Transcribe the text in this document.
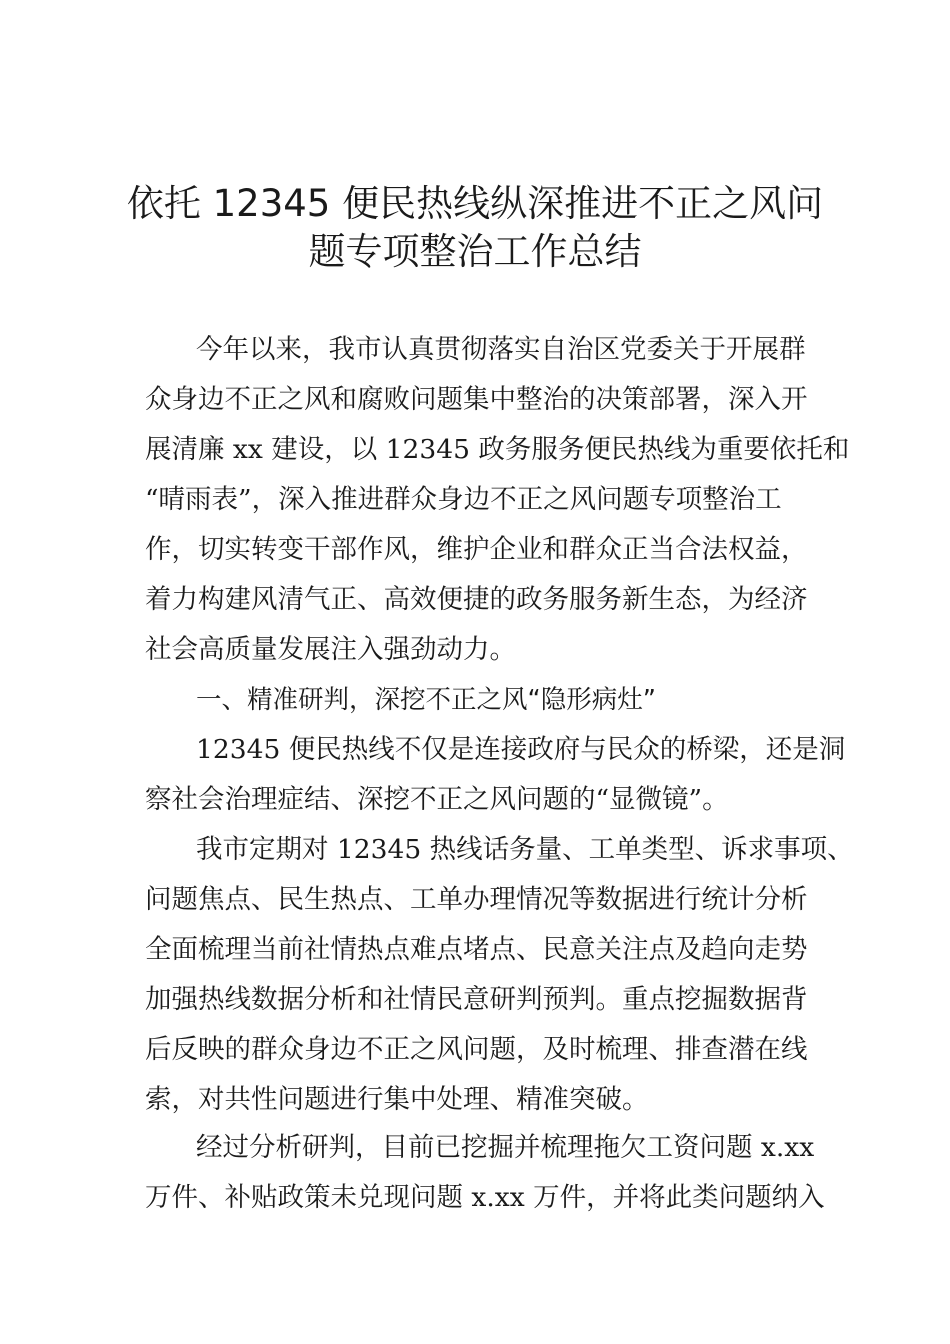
依托 12345 便民热线纵深推进不正之风问
题专项整治工作总结
今年以来，我市认真贯彻落实自治区党委关于开展群
众身边不正之风和腐败问题集中整治的决策部署，深入开
展清廉 xx 建设，以 12345 政务服务便民热线为重要依托和
“晴雨表”，深入推进群众身边不正之风问题专项整治工
作，切实转变干部作风，维护企业和群众正当合法权益，
着力构建风清气正、高效便捷的政务服务新生态，为经济
社会高质量发展注入强劲动力。
一、精准研判，深挖不正之风“隐形病灶”
12345 便民热线不仅是连接政府与民众的桥梁，还是洞
察社会治理症结、深挖不正之风问题的“显微镜”。
我市定期对 12345 热线话务量、工单类型、诉求事项、
问题焦点、民生热点、工单办理情况等数据进行统计分析
全面梳理当前社情热点难点堵点、民意关注点及趋向走势
加强热线数据分析和社情民意研判预判。重点挖掘数据背
后反映的群众身边不正之风问题，及时梳理、排查潜在线
索，对共性问题进行集中处理、精准突破。
经过分析研判，目前已挖掘并梳理拖欠工资问题 x.xx
万件、补贴政策未兑现问题 x.xx 万件，并将此类问题纳入
